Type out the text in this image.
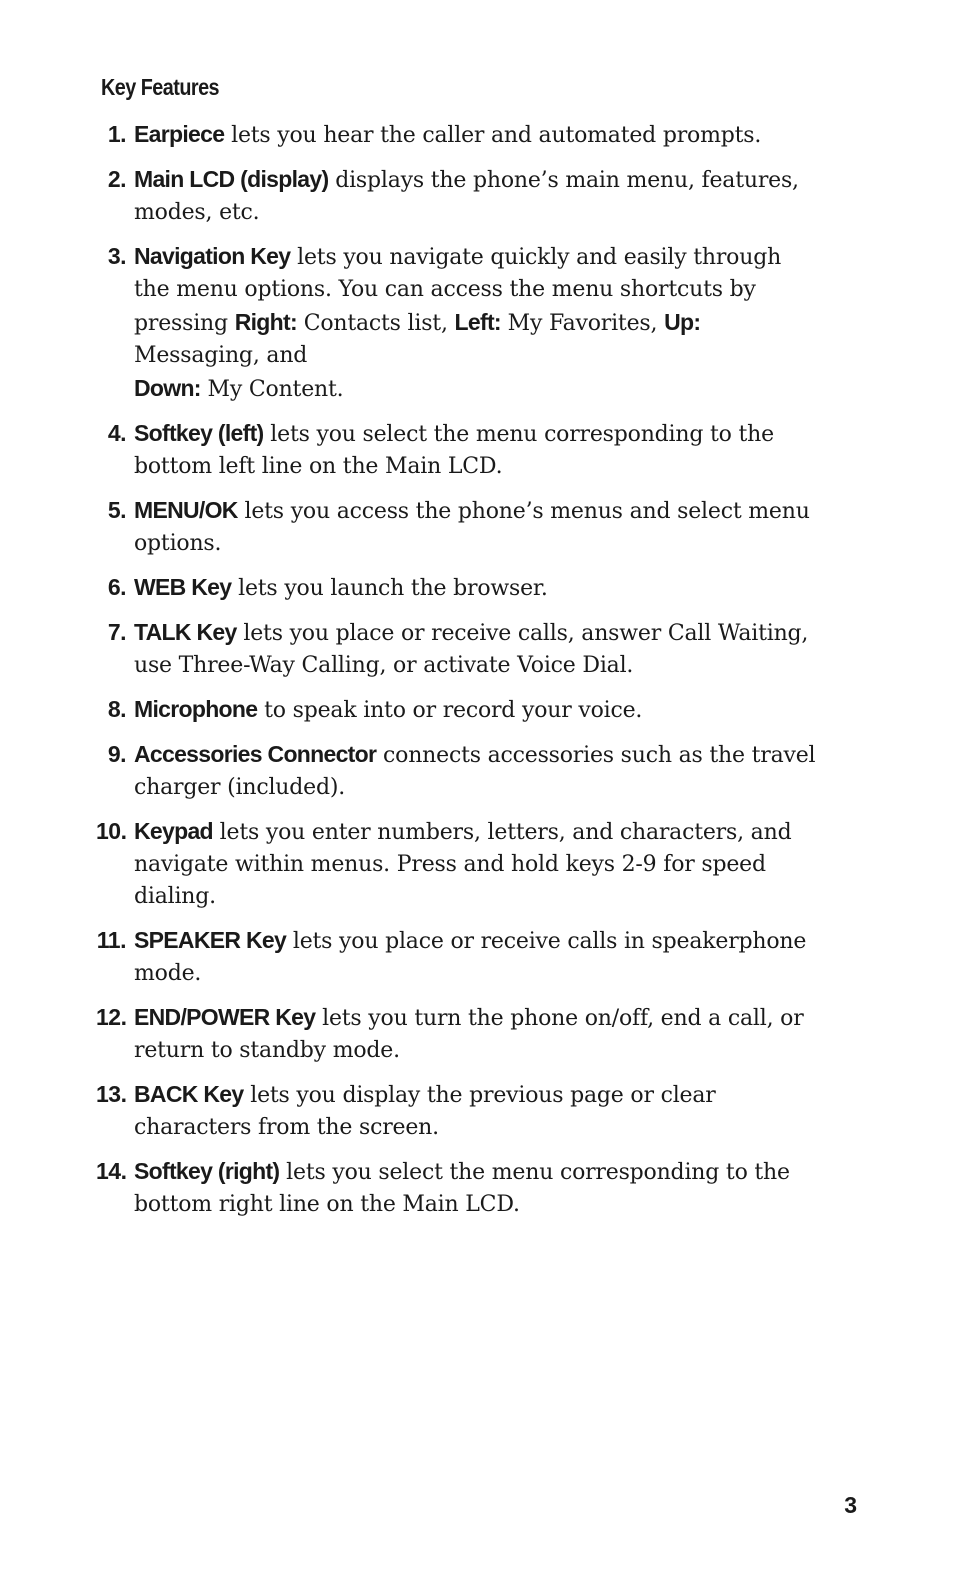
Key Features
1. Earpiece lets you hear the caller and automated prompts.
2. Main LCD (display) displays the phone’s main menu, features, modes, etc.
3. Navigation Key lets you navigate quickly and easily through the menu options. You can access the menu shortcuts by pressing Right: Contacts list, Left: My Favorites, Up: Messaging, and
Down: My Content.
4. Softkey (left) lets you select the menu corresponding to the bottom left line on the Main LCD.
5. MENU/OK lets you access the phone’s menus and select menu options.
6. WEB Key lets you launch the browser.
7. TALK Key lets you place or receive calls, answer Call Waiting, use Three-Way Calling, or activate Voice Dial.
8. Microphone to speak into or record your voice.
9. Accessories Connector connects accessories such as the travel charger (included).
10. Keypad lets you enter numbers, letters, and characters, and navigate within menus. Press and hold keys 2-9 for speed dialing.
11. SPEAKER Key lets you place or receive calls in speakerphone mode.
12. END/POWER Key lets you turn the phone on/off, end a call, or return to standby mode.
13. BACK Key lets you display the previous page or clear characters from the screen.
14. Softkey (right) lets you select the menu corresponding to the bottom right line on the Main LCD.

3
